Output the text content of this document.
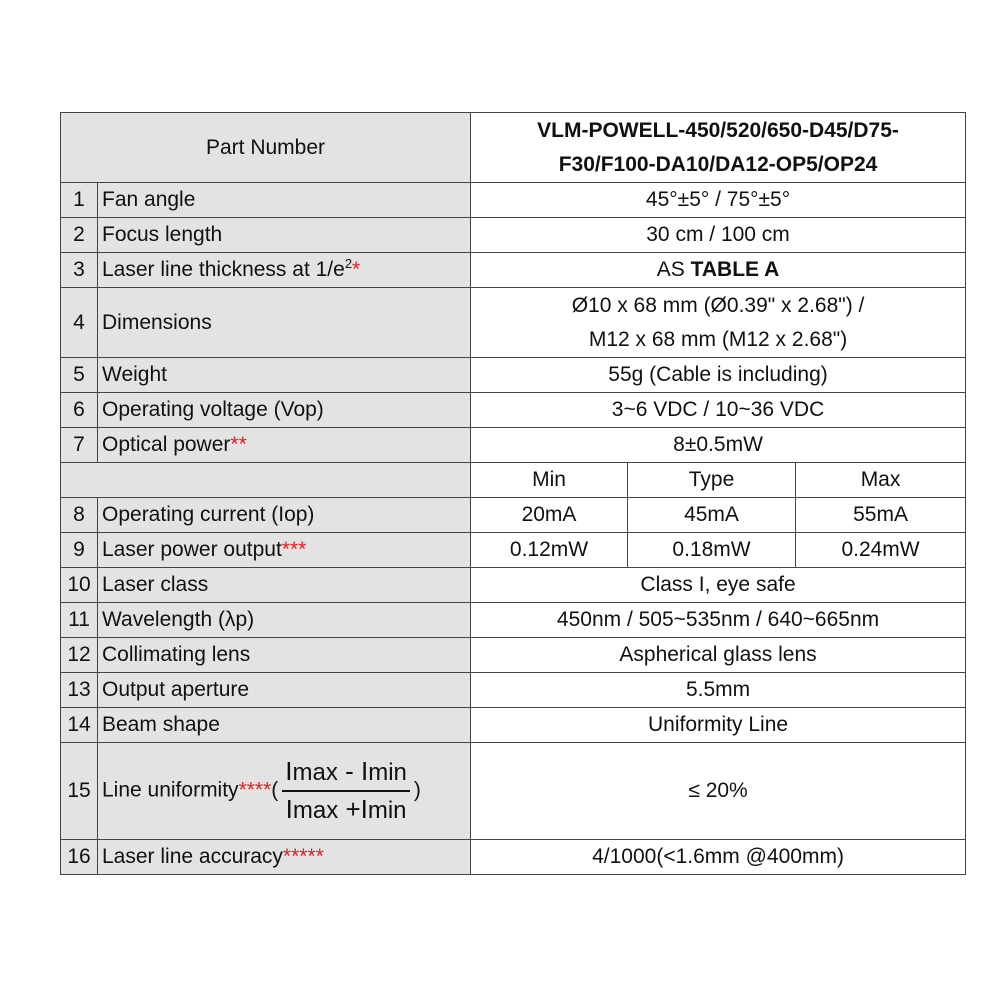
Part Number		VLM-POWELL-450/520/650-D45/D75-
F30/F100-DA10/DA12-OP5/OP24		
1	Fan angle	45°±5° / 75°±5°		
2	Focus length	30 cm / 100 cm		
3	Laser line thickness at $1/e^2*$	AS TABLE A		
4	Dimensions	Ø10 x 68 mm (Ø0.39" x 2.68") /
M12 x 68 mm (M12 x 2.68")		
5	Weight	55g (Cable is including)		
6	Operating voltage (Vop)	3~6 VDC / 10~36 VDC		
7	Optical power**	8±0.5mW		
		Min	Type	Max
8	Operating current (Iop)	20mA	45mA	55mA
9	Laser power output***	0.12mW	0.18mW	0.24mW
10	Laser class	Class I, eye safe		
11	Wavelength (λp)	450nm / 505~535nm / 640~665nm		
12	Collimating lens	Aspherical glass lens		
13	Output aperture	5.5mm		
14	Beam shape	Uniformity Line		
15	Line uniformity****( $\frac{Imax - Imin}{Imax +Imin}$ )	≤ 20%		
16	Laser line accuracy*****	4/1000(<1.6mm @400mm)		
